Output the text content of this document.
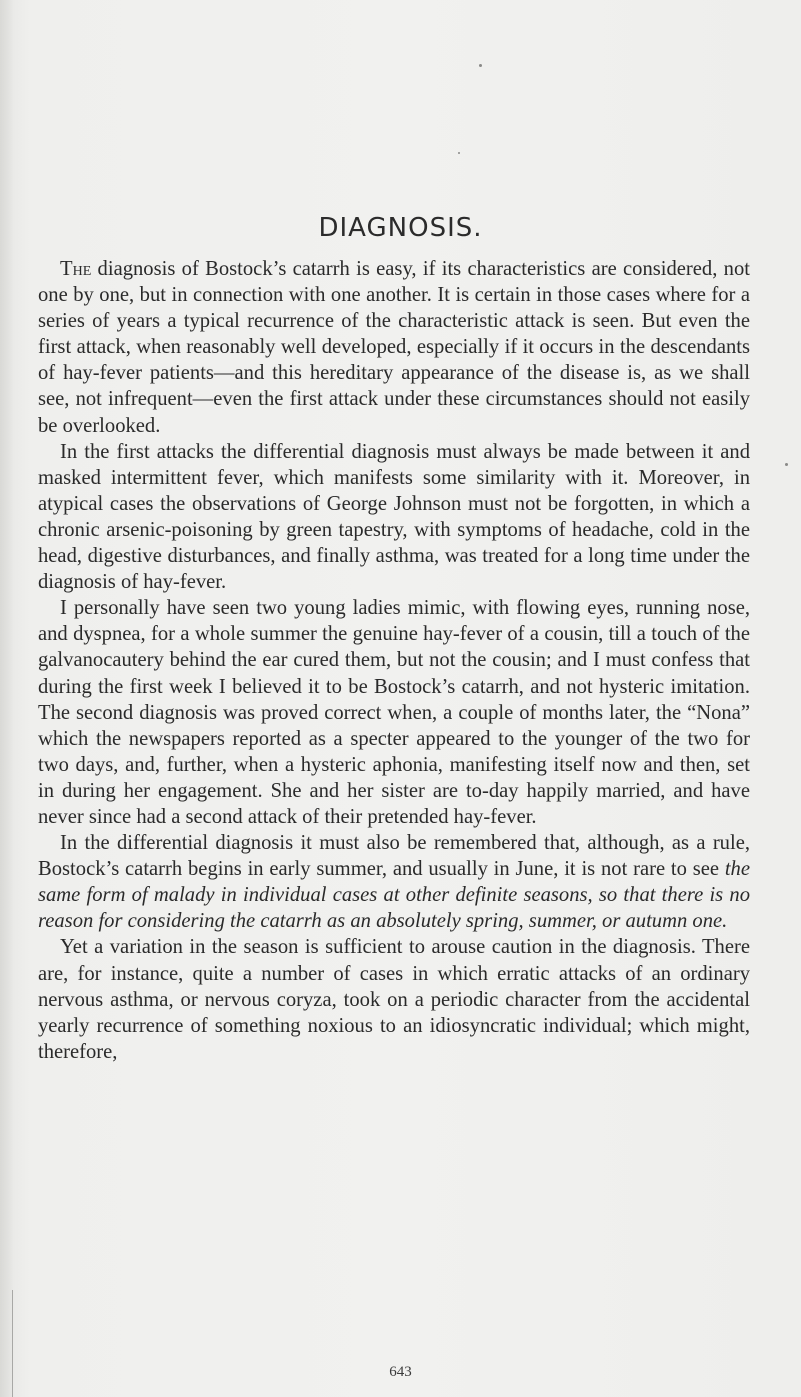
DIAGNOSIS.

The diagnosis of Bostock’s catarrh is easy, if its characteristics are considered, not one by one, but in connection with one another. It is certain in those cases where for a series of years a typical recurrence of the characteristic attack is seen. But even the first attack, when reasonably well developed, especially if it occurs in the descendants of hay-fever patients—and this hereditary appearance of the disease is, as we shall see, not infrequent—even the first attack under these circumstances should not easily be overlooked.

In the first attacks the differential diagnosis must always be made between it and masked intermittent fever, which manifests some similarity with it. Moreover, in atypical cases the observations of George Johnson must not be forgotten, in which a chronic arsenic-poisoning by green tapestry, with symptoms of headache, cold in the head, digestive disturbances, and finally asthma, was treated for a long time under the diagnosis of hay-fever.

I personally have seen two young ladies mimic, with flowing eyes, running nose, and dyspnea, for a whole summer the genuine hay-fever of a cousin, till a touch of the galvanocautery behind the ear cured them, but not the cousin; and I must confess that during the first week I believed it to be Bostock’s catarrh, and not hysteric imitation. The second diagnosis was proved correct when, a couple of months later, the “Nona” which the newspapers reported as a specter appeared to the younger of the two for two days, and, further, when a hysteric aphonia, manifesting itself now and then, set in during her engagement. She and her sister are to-day happily married, and have never since had a second attack of their pretended hay-fever.

In the differential diagnosis it must also be remembered that, although, as a rule, Bostock’s catarrh begins in early summer, and usually in June, it is not rare to see the same form of malady in individual cases at other definite seasons, so that there is no reason for considering the catarrh as an absolutely spring, summer, or autumn one.

Yet a variation in the season is sufficient to arouse caution in the diagnosis. There are, for instance, quite a number of cases in which erratic attacks of an ordinary nervous asthma, or nervous coryza, took on a periodic character from the accidental yearly recurrence of something noxious to an idiosyncratic individual; which might, therefore,

643
